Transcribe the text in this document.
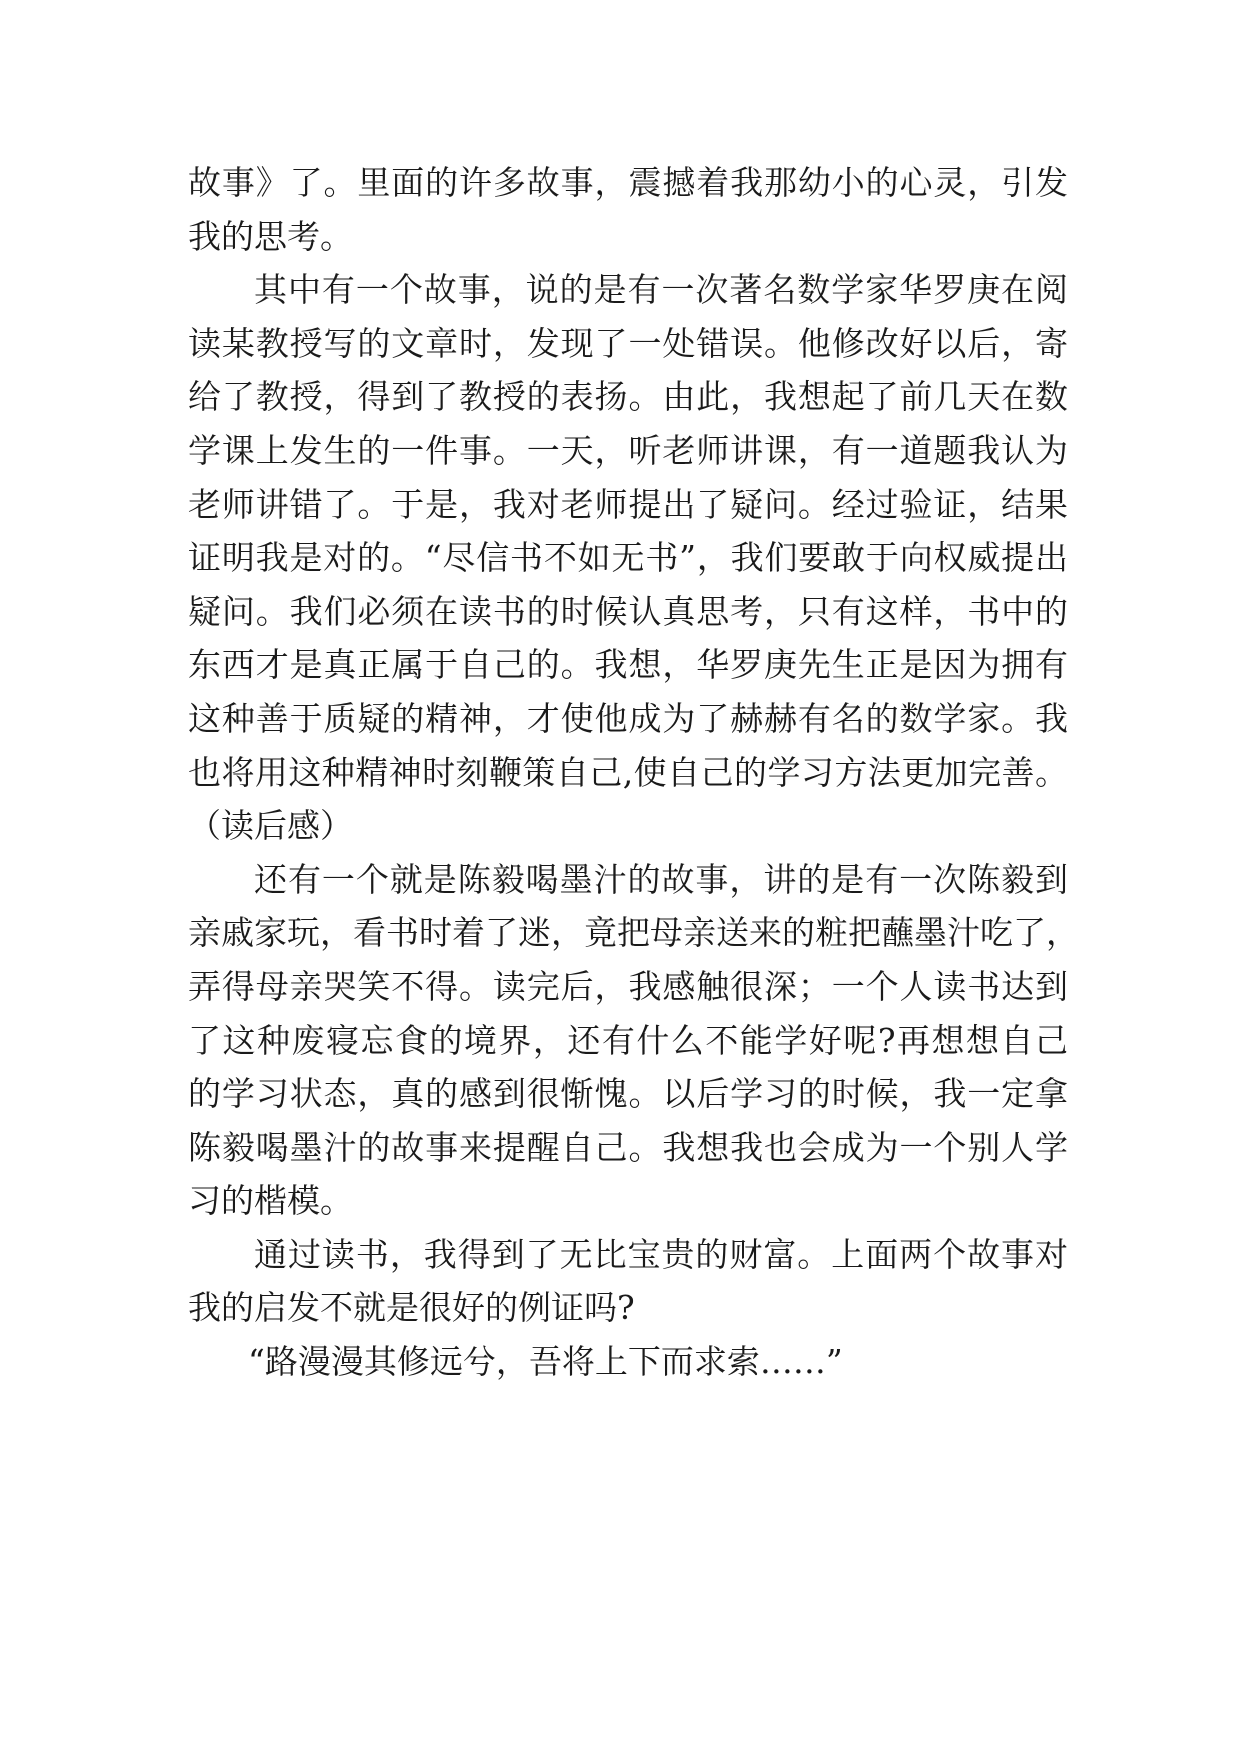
故事》了。里面的许多故事，震撼着我那幼小的心灵，引发
我的思考。
其中有一个故事，说的是有一次著名数学家华罗庚在阅
读某教授写的文章时，发现了一处错误。他修改好以后，寄
给了教授，得到了教授的表扬。由此，我想起了前几天在数
学课上发生的一件事。一天，听老师讲课，有一道题我认为
老师讲错了。于是，我对老师提出了疑问。经过验证，结果
证明我是对的。“尽信书不如无书”，我们要敢于向权威提出
疑问。我们必须在读书的时候认真思考，只有这样，书中的
东西才是真正属于自己的。我想，华罗庚先生正是因为拥有
这种善于质疑的精神，才使他成为了赫赫有名的数学家。我
也将用这种精神时刻鞭策自己,使自己的学习方法更加完善。
（读后感）
还有一个就是陈毅喝墨汁的故事，讲的是有一次陈毅到
亲戚家玩，看书时着了迷，竟把母亲送来的粧把蘸墨汁吃了，
弄得母亲哭笑不得。读完后，我感触很深；一个人读书达到
了这种废寝忘食的境界，还有什么不能学好呢?再想想自己
的学习状态，真的感到很惭愧。以后学习的时候，我一定拿
陈毅喝墨汁的故事来提醒自己。我想我也会成为一个别人学
习的楷模。
通过读书，我得到了无比宝贵的财富。上面两个故事对
我的启发不就是很好的例证吗?
“路漫漫其修远兮，吾将上下而求索……”
